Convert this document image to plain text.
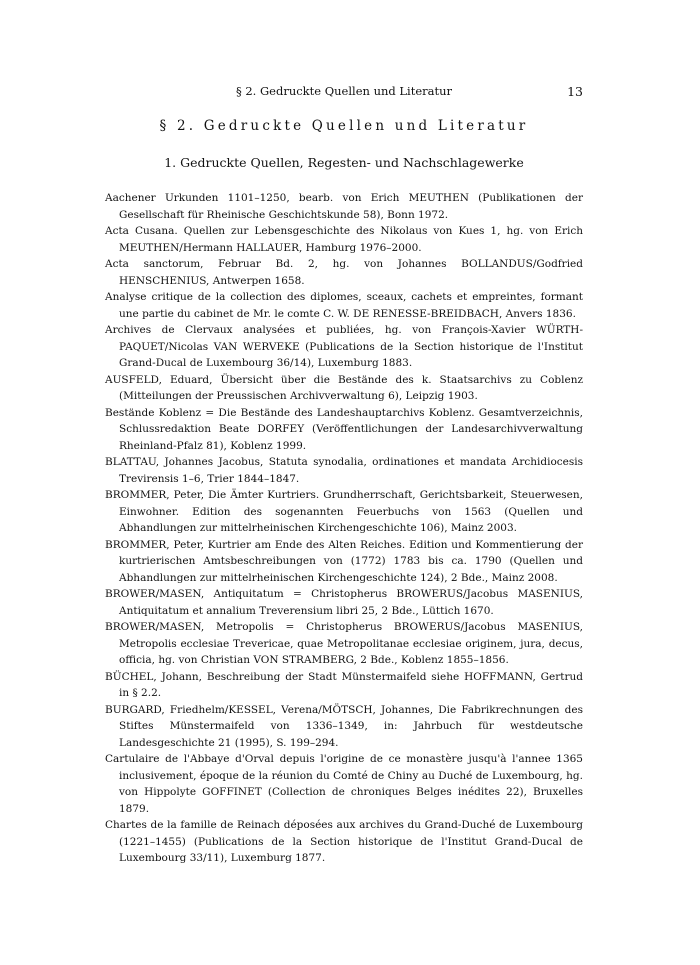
§ 2. Gedruckte Quellen und Literatur	13
§ 2. Gedruckte Quellen und Literatur
1. Gedruckte Quellen, Regesten- und Nachschlagewerke
Aachener Urkunden 1101–1250, bearb. von Erich MEUTHEN (Publikationen der Gesellschaft für Rheinische Geschichtskunde 58), Bonn 1972.
Acta Cusana. Quellen zur Lebensgeschichte des Nikolaus von Kues 1, hg. von Erich MEUTHEN/Hermann HALLAUER, Hamburg 1976–2000.
Acta sanctorum, Februar Bd. 2, hg. von Johannes BOLLANDUS/Godfried HENSCHENIUS, Antwerpen 1658.
Analyse critique de la collection des diplomes, sceaux, cachets et empreintes, formant une partie du cabinet de Mr. le comte C. W. DE RENESSE-BREIDBACH, Anvers 1836.
Archives de Clervaux analysées et publiées, hg. von François-Xavier WÜRTH-PAQUET/Nicolas VAN WERVEKE (Publications de la Section historique de l'Institut Grand-Ducal de Luxembourg 36/14), Luxemburg 1883.
AUSFELD, Eduard, Übersicht über die Bestände des k. Staatsarchivs zu Coblenz (Mitteilungen der Preussischen Archivverwaltung 6), Leipzig 1903.
Bestände Koblenz = Die Bestände des Landeshauptarchivs Koblenz. Gesamtverzeichnis, Schlussredaktion Beate DORFEY (Veröffentlichungen der Landesarchivverwaltung Rheinland-Pfalz 81), Koblenz 1999.
BLATTAU, Johannes Jacobus, Statuta synodalia, ordinationes et mandata Archidiocesis Trevirensis 1–6, Trier 1844–1847.
BROMMER, Peter, Die Ämter Kurtriers. Grundherrschaft, Gerichtsbarkeit, Steuerwesen, Einwohner. Edition des sogenannten Feuerbuchs von 1563 (Quellen und Abhandlungen zur mittelrheinischen Kirchengeschichte 106), Mainz 2003.
BROMMER, Peter, Kurtrier am Ende des Alten Reiches. Edition und Kommentierung der kurtrierischen Amtsbeschreibungen von (1772) 1783 bis ca. 1790 (Quellen und Abhandlungen zur mittelrheinischen Kirchengeschichte 124), 2 Bde., Mainz 2008.
BROWER/MASEN, Antiquitatum = Christopherus BROWERUS/Jacobus MASENIUS, Antiquitatum et annalium Treverensium libri 25, 2 Bde., Lüttich 1670.
BROWER/MASEN, Metropolis = Christopherus BROWERUS/Jacobus MASENIUS, Metropolis ecclesiae Trevericae, quae Metropolitanae ecclesiae originem, jura, decus, officia, hg. von Christian VON STRAMBERG, 2 Bde., Koblenz 1855–1856.
BÜCHEL, Johann, Beschreibung der Stadt Münstermaifeld siehe HOFFMANN, Gertrud in § 2.2.
BURGARD, Friedhelm/KESSEL, Verena/MÖTSCH, Johannes, Die Fabrikrechnungen des Stiftes Münstermaifeld von 1336–1349, in: Jahrbuch für westdeutsche Landesgeschichte 21 (1995), S. 199–294.
Cartulaire de l'Abbaye d'Orval depuis l'origine de ce monastère jusqu'à l'annee 1365 inclusivement, époque de la réunion du Comté de Chiny au Duché de Luxembourg, hg. von Hippolyte GOFFINET (Collection de chroniques Belges inédites 22), Bruxelles 1879.
Chartes de la famille de Reinach déposées aux archives du Grand-Duché de Luxembourg (1221–1455) (Publications de la Section historique de l'Institut Grand-Ducal de Luxembourg 33/11), Luxemburg 1877.
